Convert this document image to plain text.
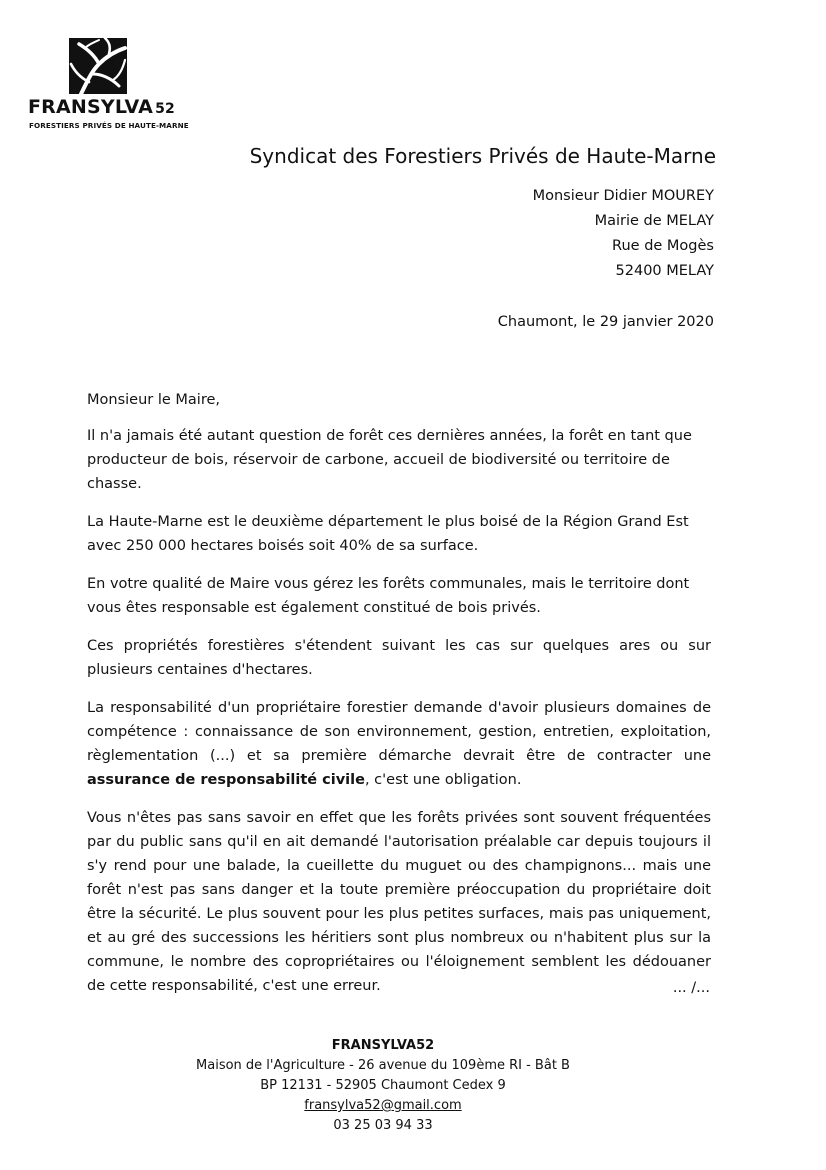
FRANSYLVA 52
FORESTIERS PRIVÉS DE HAUTE-MARNE
Syndicat des Forestiers Privés de Haute-Marne
Monsieur Didier MOUREY
Mairie de MELAY
Rue de Mogès
52400 MELAY
Chaumont, le 29 janvier 2020

Monsieur le Maire,

Il n'a jamais été autant question de forêt ces dernières années, la forêt en tant que producteur de bois, réservoir de carbone, accueil de biodiversité ou territoire de chasse.

La Haute-Marne est le deuxième département le plus boisé de la Région Grand Est avec 250 000 hectares boisés soit 40% de sa surface.

En votre qualité de Maire vous gérez les forêts communales, mais le territoire dont vous êtes responsable est également constitué de bois privés.

Ces propriétés forestières s'étendent suivant les cas sur quelques ares ou sur plusieurs centaines d'hectares.

La responsabilité d'un propriétaire forestier demande d'avoir plusieurs domaines de compétence : connaissance de son environnement, gestion, entretien, exploitation, règlementation (...) et sa première démarche devrait être de contracter une assurance de responsabilité civile, c'est une obligation.

Vous n'êtes pas sans savoir en effet que les forêts privées sont souvent fréquentées par du public sans qu'il en ait demandé l'autorisation préalable car depuis toujours il s'y rend pour une balade, la cueillette du muguet ou des champignons... mais une forêt n'est pas sans danger et la toute première préoccupation du propriétaire doit être la sécurité. Le plus souvent pour les plus petites surfaces, mais pas uniquement, et au gré des successions les héritiers sont plus nombreux ou n'habitent plus sur la commune, le nombre des copropriétaires ou l'éloignement semblent les dédouaner de cette responsabilité, c'est une erreur.	... /...
FRANSYLVA52
Maison de l'Agriculture - 26 avenue du 109ème RI - Bât B
BP 12131 - 52905 Chaumont Cedex 9
fransylva52@gmail.com
03 25 03 94 33
